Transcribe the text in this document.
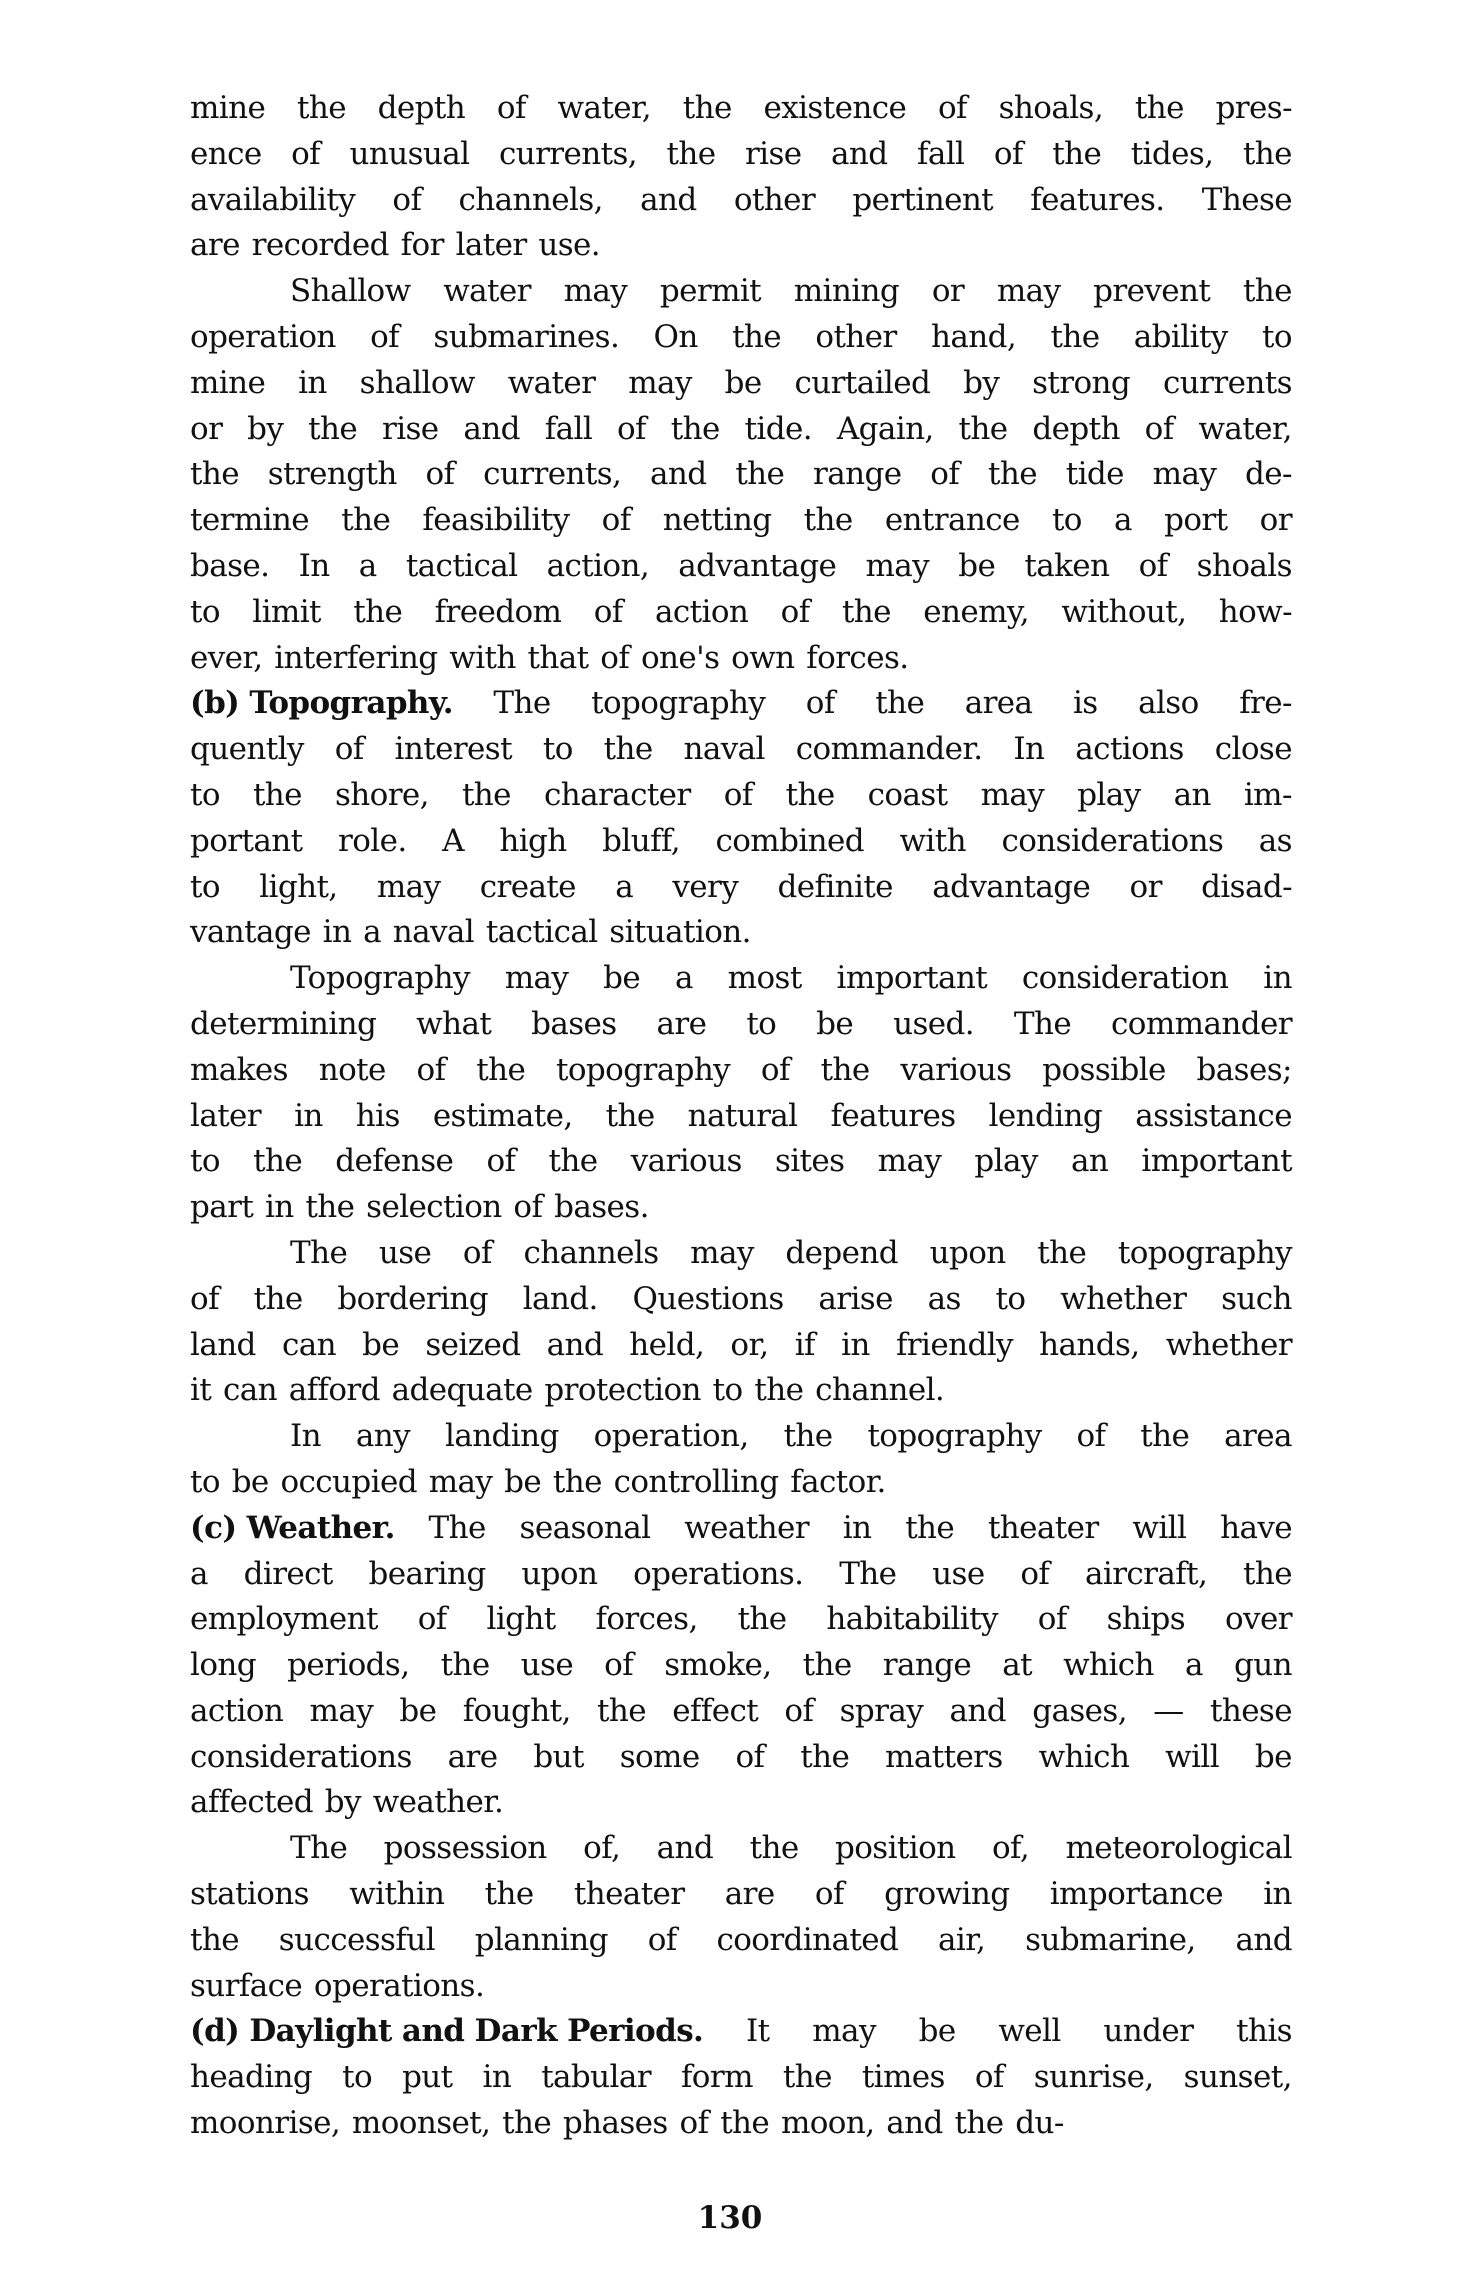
mine the depth of water, the existence of shoals, the pres-
ence of unusual currents, the rise and fall of the tides, the
availability of channels, and other pertinent features. These
are recorded for later use.
Shallow water may permit mining or may prevent the
operation of submarines. On the other hand, the ability to
mine in shallow water may be curtailed by strong currents
or by the rise and fall of the tide. Again, the depth of water,
the strength of currents, and the range of the tide may de-
termine the feasibility of netting the entrance to a port or
base. In a tactical action, advantage may be taken of shoals
to limit the freedom of action of the enemy, without, how-
ever, interfering with that of one's own forces.
(b) Topography. The topography of the area is also fre-
quently of interest to the naval commander. In actions close
to the shore, the character of the coast may play an im-
portant role. A high bluff, combined with considerations as
to light, may create a very definite advantage or disad-
vantage in a naval tactical situation.
Topography may be a most important consideration in
determining what bases are to be used. The commander
makes note of the topography of the various possible bases;
later in his estimate, the natural features lending assistance
to the defense of the various sites may play an important
part in the selection of bases.
The use of channels may depend upon the topography
of the bordering land. Questions arise as to whether such
land can be seized and held, or, if in friendly hands, whether
it can afford adequate protection to the channel.
In any landing operation, the topography of the area
to be occupied may be the controlling factor.
(c) Weather. The seasonal weather in the theater will have
a direct bearing upon operations. The use of aircraft, the
employment of light forces, the habitability of ships over
long periods, the use of smoke, the range at which a gun
action may be fought, the effect of spray and gases, — these
considerations are but some of the matters which will be
affected by weather.
The possession of, and the position of, meteorological
stations within the theater are of growing importance in
the successful planning of coordinated air, submarine, and
surface operations.
(d) Daylight and Dark Periods. It may be well under this
heading to put in tabular form the times of sunrise, sunset,
moonrise, moonset, the phases of the moon, and the du-
130
